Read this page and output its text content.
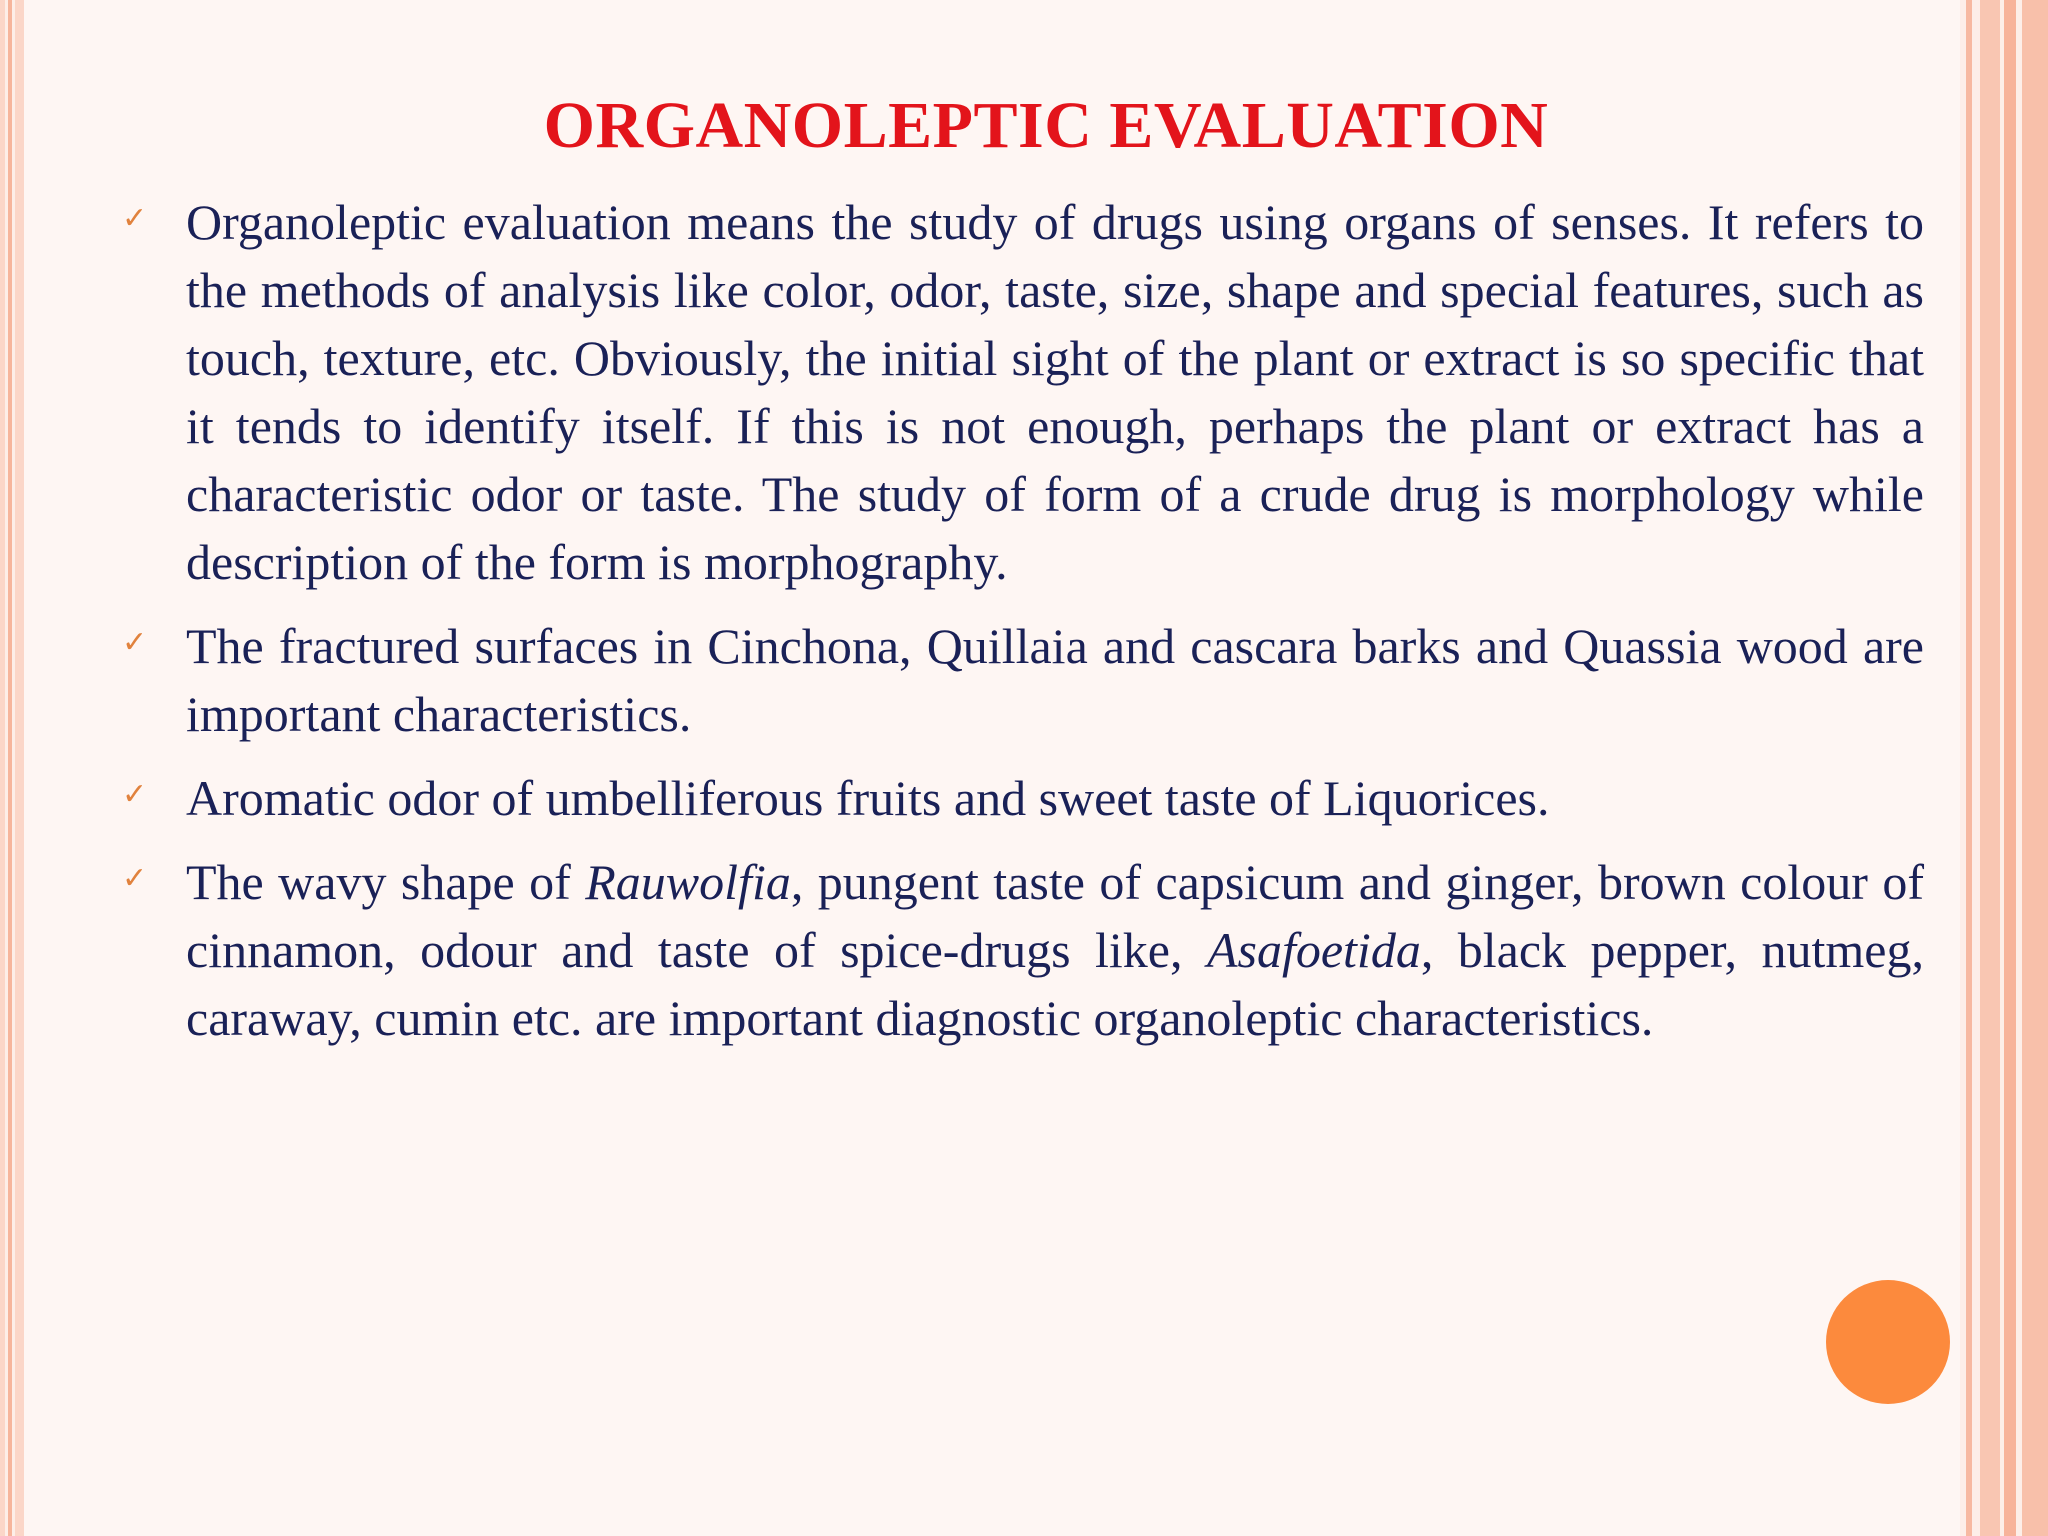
ORGANOLEPTIC EVALUATION
✓ Organoleptic evaluation means the study of drugs using organs of senses. It refers to the methods of analysis like color, odor, taste, size, shape and special features, such as touch, texture, etc. Obviously, the initial sight of the plant or extract is so specific that it tends to identify itself. If this is not enough, perhaps the plant or extract has a characteristic odor or taste. The study of form of a crude drug is morphology while description of the form is morphography.
✓ The fractured surfaces in Cinchona, Quillaia and cascara barks and Quassia wood are important characteristics.
✓ Aromatic odor of umbelliferous fruits and sweet taste of Liquorices.
✓ The wavy shape of Rauwolfia, pungent taste of capsicum and ginger, brown colour of cinnamon, odour and taste of spice-drugs like, Asafoetida, black pepper, nutmeg, caraway, cumin etc. are important diagnostic organoleptic characteristics.
